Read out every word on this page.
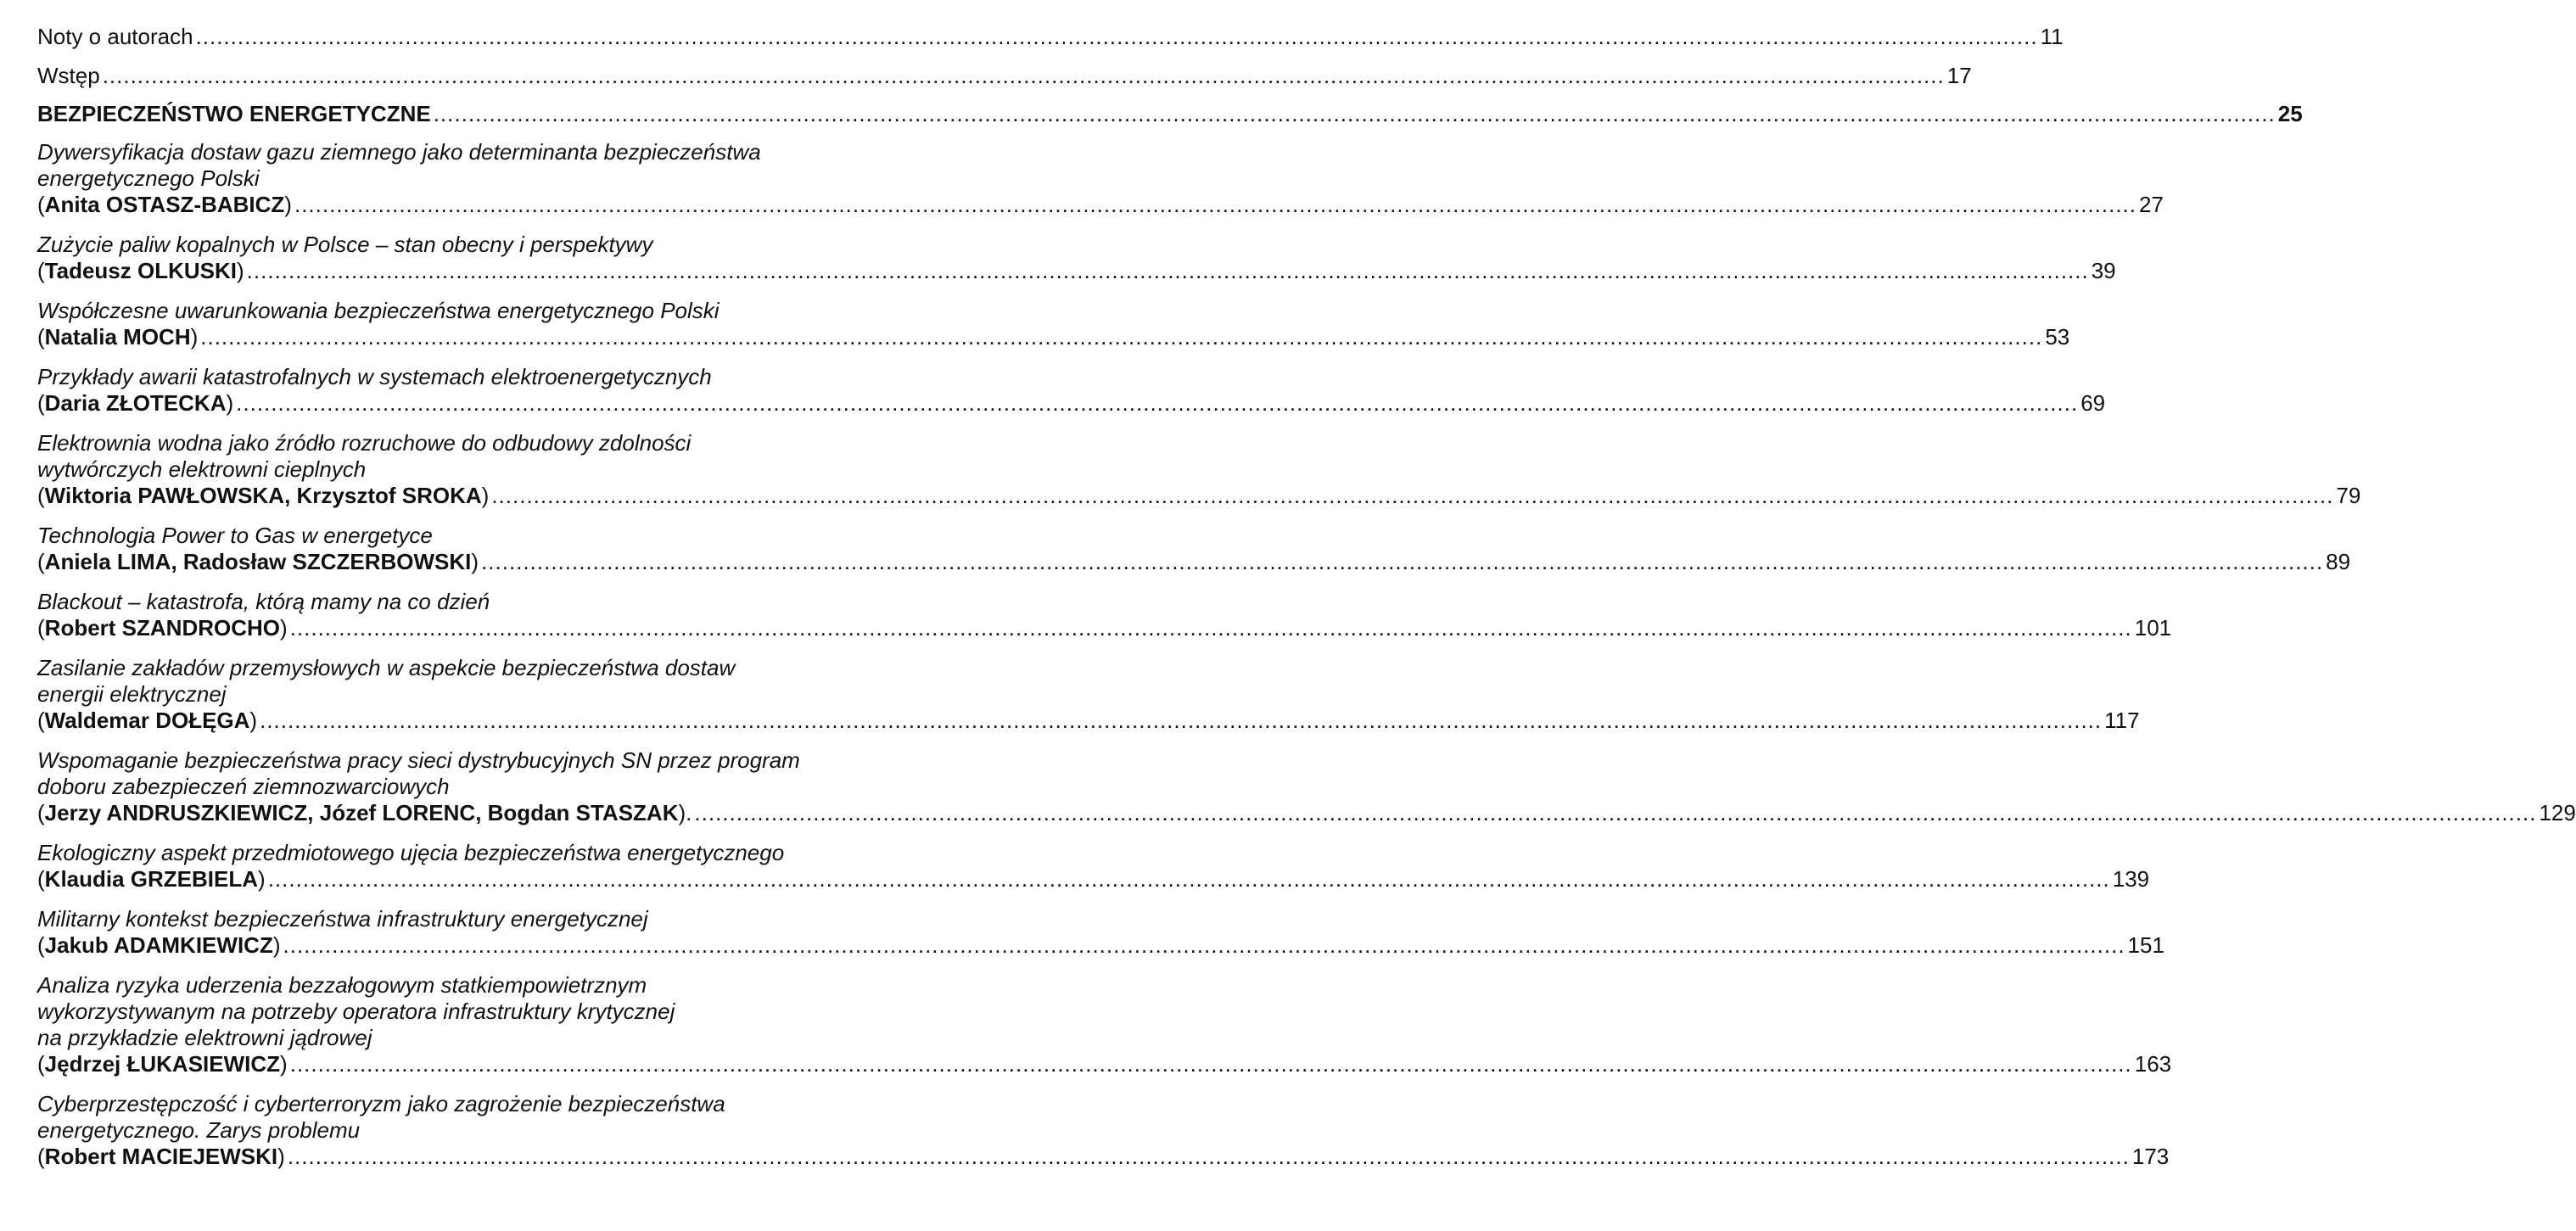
Noty o autorach .....	11
Wstęp .....	17
BEZPIECZEŃSTWO ENERGETYCZNE .....	25
Dywersyfikacja dostaw gazu ziemnego jako determinanta bezpieczeństwa
energetycznego Polski
(Anita OSTASZ-BABICZ) .....	27
Zużycie paliw kopalnych w Polsce – stan obecny i perspektywy
(Tadeusz OLKUSKI) .....	39
Współczesne uwarunkowania bezpieczeństwa energetycznego Polski
(Natalia MOCH) .....	53
Przykłady awarii katastrofalnych w systemach elektroenergetycznych
(Daria ZŁOTECKA) .....	69
Elektrownia wodna jako źródło rozruchowe do odbudowy zdolności
wytwórczych elektrowni cieplnych
(Wiktoria PAWŁOWSKA, Krzysztof SROKA) .....	79
Technologia Power to Gas w energetyce
(Aniela LIMA, Radosław SZCZERBOWSKI) .....	89
Blackout – katastrofa, którą mamy na co dzień
(Robert SZANDROCHO) .....	101
Zasilanie zakładów przemysłowych w aspekcie bezpieczeństwa dostaw
energii elektrycznej
(Waldemar DOŁĘGA) .....	117
Wspomaganie bezpieczeństwa pracy sieci dystrybucyjnych SN przez program
doboru zabezpieczeń ziemnozwarciowych
(Jerzy ANDRUSZKIEWICZ, Józef LORENC, Bogdan STASZAK). .....	129
Ekologiczny aspekt przedmiotowego ujęcia bezpieczeństwa energetycznego
(Klaudia GRZEBIELA) .....	139
Militarny kontekst bezpieczeństwa infrastruktury energetycznej
(Jakub ADAMKIEWICZ) .....	151
Analiza ryzyka uderzenia bezzałogowym statkiempowietrznym
wykorzystywanym na potrzeby operatora infrastruktury krytycznej
na przykładzie elektrowni jądrowej
(Jędrzej ŁUKASIEWICZ) .....	163
Cyberprzestępczość i cyberterroryzm jako zagrożenie bezpieczeństwa
energetycznego. Zarys problemu
(Robert MACIEJEWSKI) .....	173
